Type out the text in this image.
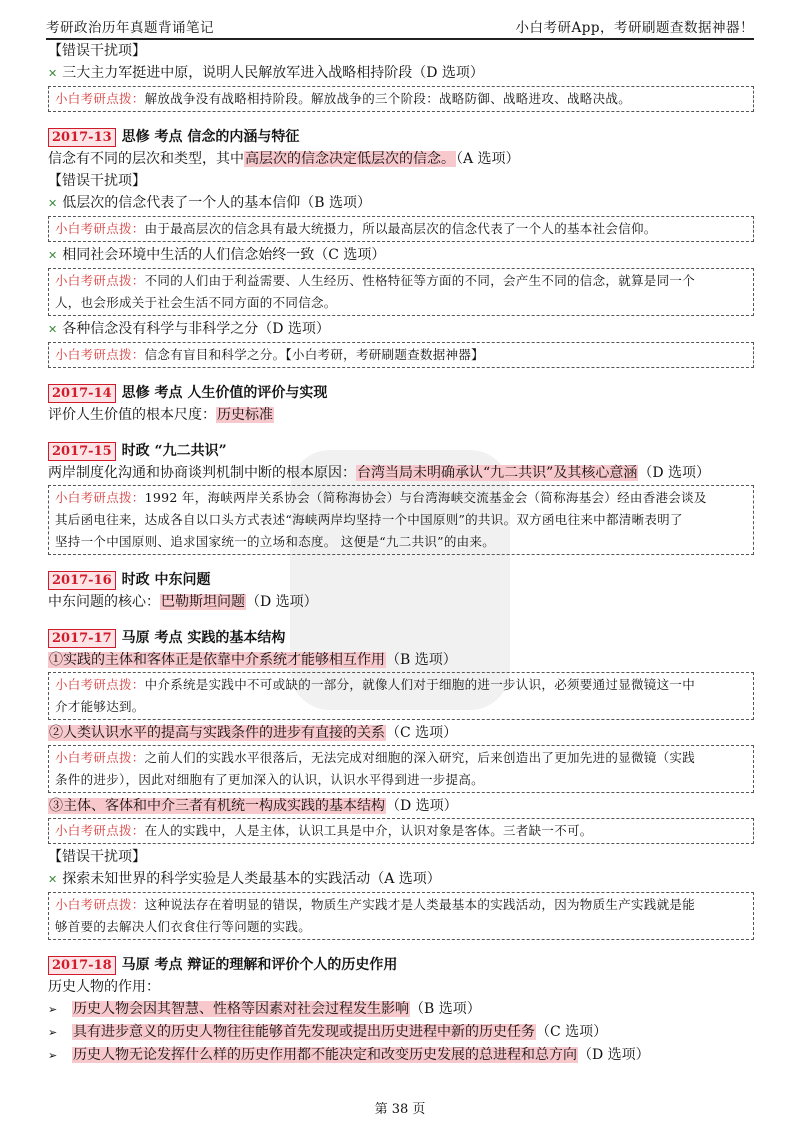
考研政治历年真题背诵笔记	小白考研App，考研刷题查数据神器！
【错误干扰项】
✕ 三大主力军挺进中原，说明人民解放军进入战略相持阶段（D 选项）
小白考研点拨：解放战争没有战略相持阶段。解放战争的三个阶段：战略防御、战略进攻、战略决战。
2017-13 思修 考点 信念的内涵与特征
信念有不同的层次和类型，其中高层次的信念决定低层次的信念。（A 选项）
【错误干扰项】
✕ 低层次的信念代表了一个人的基本信仰（B 选项）
小白考研点拨：由于最高层次的信念具有最大统摄力，所以最高层次的信念代表了一个人的基本社会信仰。
✕ 相同社会环境中生活的人们信念始终一致（C 选项）
小白考研点拨：不同的人们由于利益需要、人生经历、性格特征等方面的不同，会产生不同的信念，就算是同一个
人，也会形成关于社会生活不同方面的不同信念。
✕ 各种信念没有科学与非科学之分（D 选项）
小白考研点拨：信念有盲目和科学之分。【小白考研，考研刷题查数据神器】
2017-14 思修 考点 人生价值的评价与实现
评价人生价值的根本尺度：历史标准
2017-15 时政 “九二共识”
两岸制度化沟通和协商谈判机制中断的根本原因：台湾当局未明确承认“九二共识”及其核心意涵（D 选项）
小白考研点拨：1992 年，海峡两岸关系协会（简称海协会）与台湾海峡交流基金会（简称海基会）经由香港会谈及
其后函电往来，达成各自以口头方式表述“海峡两岸均坚持一个中国原则”的共识。双方函电往来中都清晰表明了
坚持一个中国原则、追求国家统一的立场和态度。 这便是“九二共识”的由来。
2017-16 时政 中东问题
中东问题的核心：巴勒斯坦问题（D 选项）
2017-17 马原 考点 实践的基本结构
①实践的主体和客体正是依靠中介系统才能够相互作用（B 选项）
小白考研点拨：中介系统是实践中不可或缺的一部分，就像人们对于细胞的进一步认识，必须要通过显微镜这一中
介才能够达到。
②人类认识水平的提高与实践条件的进步有直接的关系（C 选项）
小白考研点拨：之前人们的实践水平很落后，无法完成对细胞的深入研究，后来创造出了更加先进的显微镜（实践
条件的进步），因此对细胞有了更加深入的认识，认识水平得到进一步提高。
③主体、客体和中介三者有机统一构成实践的基本结构（D 选项）
小白考研点拨：在人的实践中，人是主体，认识工具是中介，认识对象是客体。三者缺一不可。
【错误干扰项】
✕ 探索未知世界的科学实验是人类最基本的实践活动（A 选项）
小白考研点拨：这种说法存在着明显的错误，物质生产实践才是人类最基本的实践活动，因为物质生产实践就是能
够首要的去解决人们衣食住行等问题的实践。
2017-18 马原 考点 辩证的理解和评价个人的历史作用
历史人物的作用：
➢ 历史人物会因其智慧、性格等因素对社会过程发生影响（B 选项）
➢ 具有进步意义的历史人物往往能够首先发现或提出历史进程中新的历史任务（C 选项）
➢ 历史人物无论发挥什么样的历史作用都不能决定和改变历史发展的总进程和总方向（D 选项）
第 38 页
